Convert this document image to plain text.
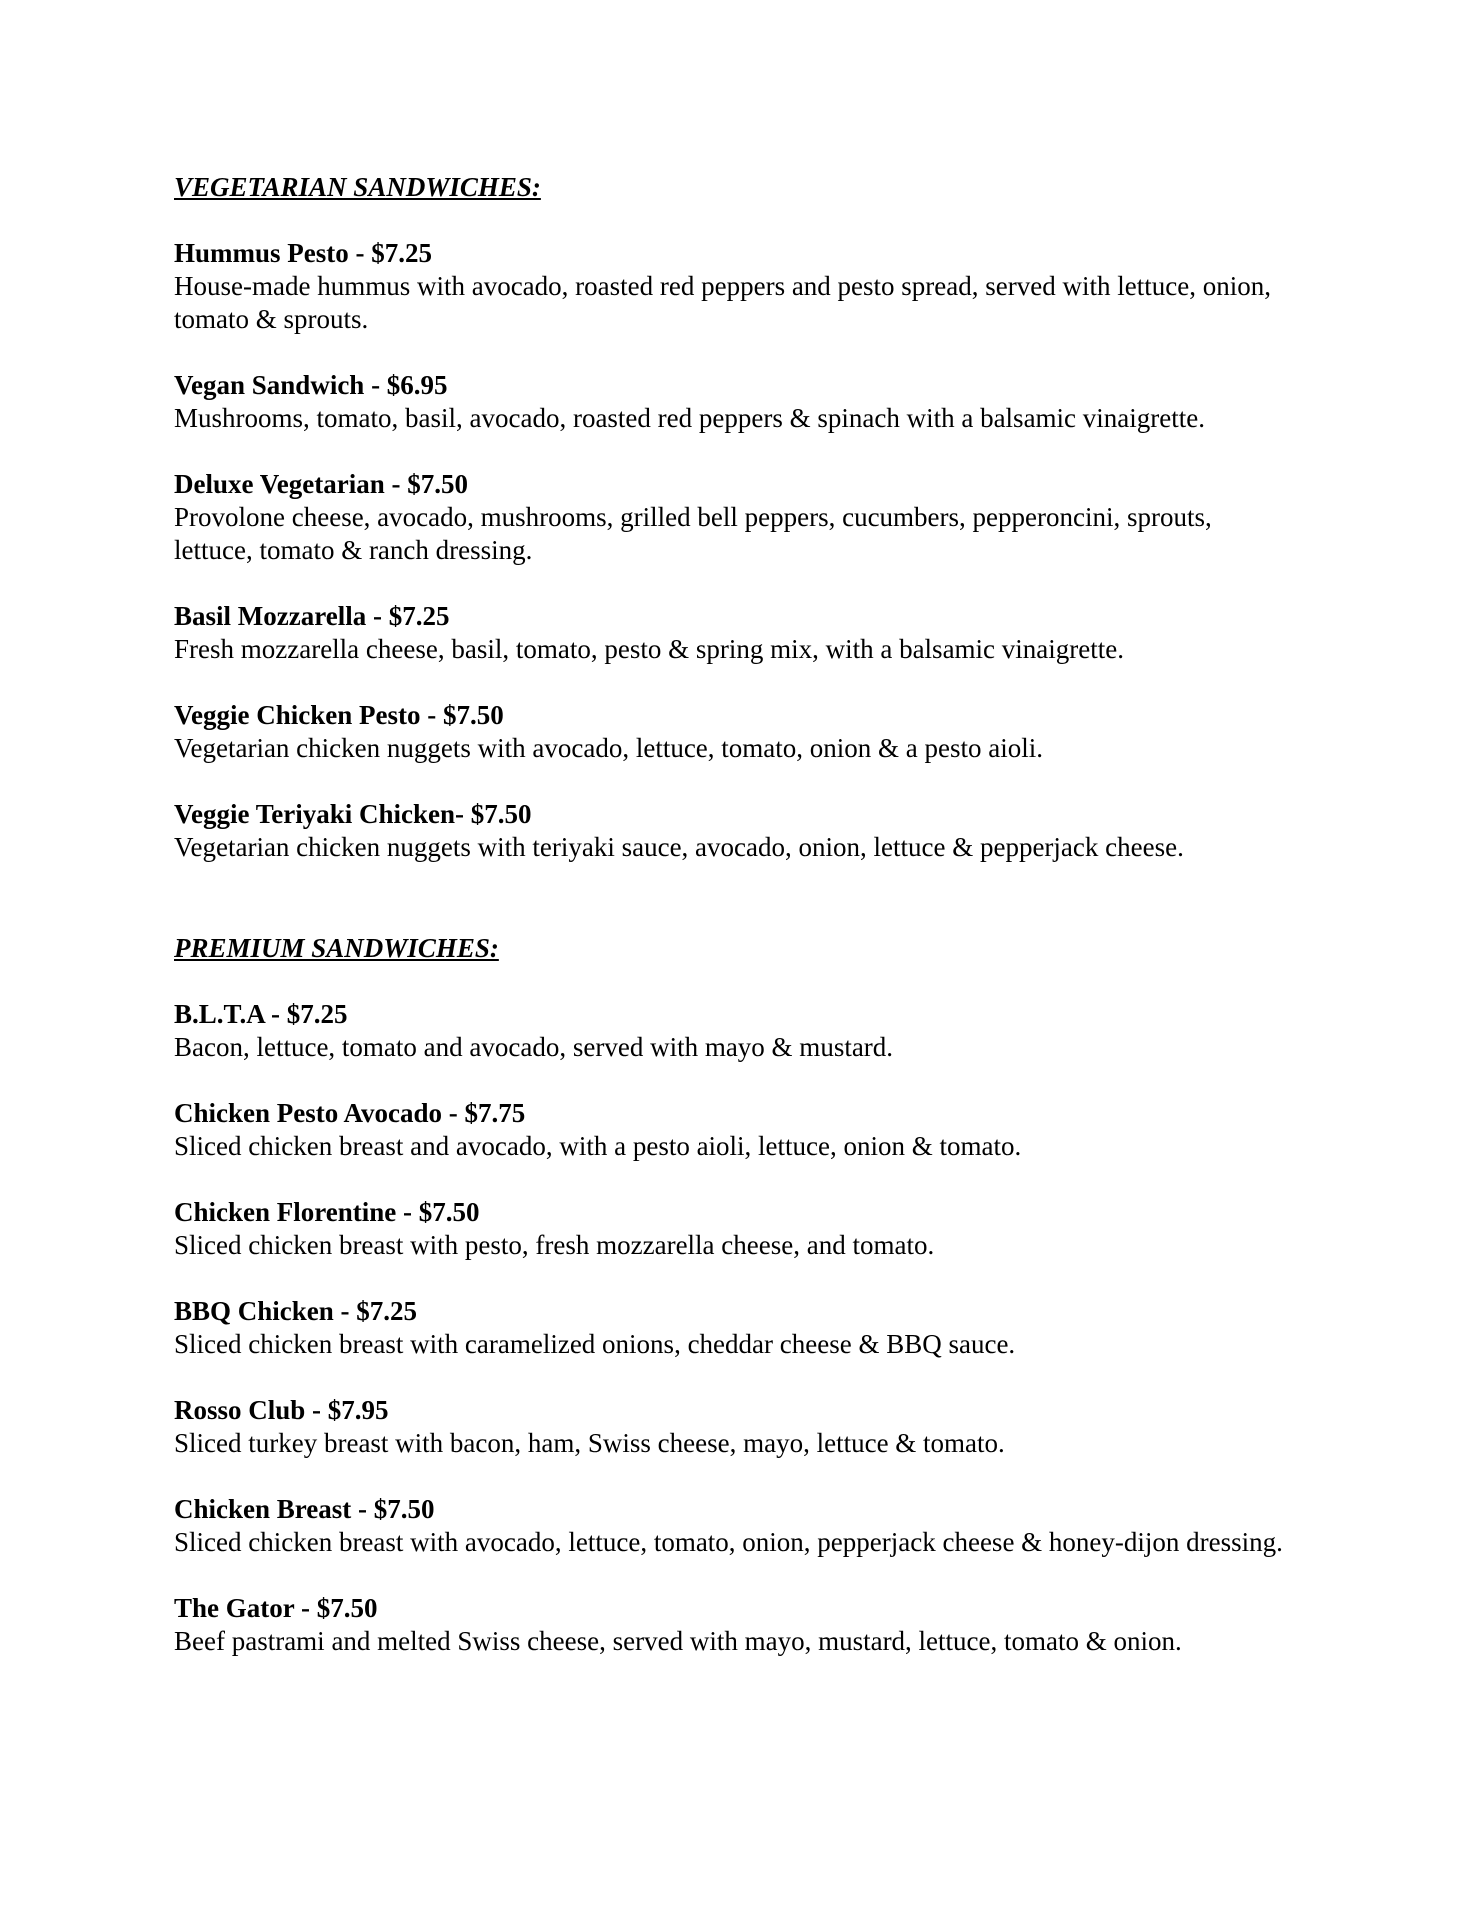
VEGETARIAN SANDWICHES:
Hummus Pesto - $7.25
House-made hummus with avocado, roasted red peppers and pesto spread, served with lettuce, onion, tomato & sprouts.
Vegan Sandwich - $6.95
Mushrooms, tomato, basil, avocado, roasted red peppers & spinach with a balsamic vinaigrette.
Deluxe Vegetarian - $7.50
Provolone cheese, avocado, mushrooms, grilled bell peppers, cucumbers, pepperoncini, sprouts, lettuce, tomato & ranch dressing.
Basil Mozzarella - $7.25
Fresh mozzarella cheese, basil, tomato, pesto & spring mix, with a balsamic vinaigrette.
Veggie Chicken Pesto - $7.50
Vegetarian chicken nuggets with avocado, lettuce, tomato, onion & a pesto aioli.
Veggie Teriyaki Chicken- $7.50
Vegetarian chicken nuggets with teriyaki sauce, avocado, onion, lettuce & pepperjack cheese.
PREMIUM SANDWICHES:
B.L.T.A - $7.25
Bacon, lettuce, tomato and avocado, served with mayo & mustard.
Chicken Pesto Avocado - $7.75
Sliced chicken breast and avocado, with a pesto aioli, lettuce, onion & tomato.
Chicken Florentine - $7.50
Sliced chicken breast with pesto, fresh mozzarella cheese, and tomato.
BBQ Chicken - $7.25
Sliced chicken breast with caramelized onions, cheddar cheese & BBQ sauce.
Rosso Club - $7.95
Sliced turkey breast with bacon, ham, Swiss cheese, mayo, lettuce & tomato.
Chicken Breast - $7.50
Sliced chicken breast with avocado, lettuce, tomato, onion, pepperjack cheese & honey-dijon dressing.
The Gator - $7.50
Beef pastrami and melted Swiss cheese, served with mayo, mustard, lettuce, tomato & onion.
